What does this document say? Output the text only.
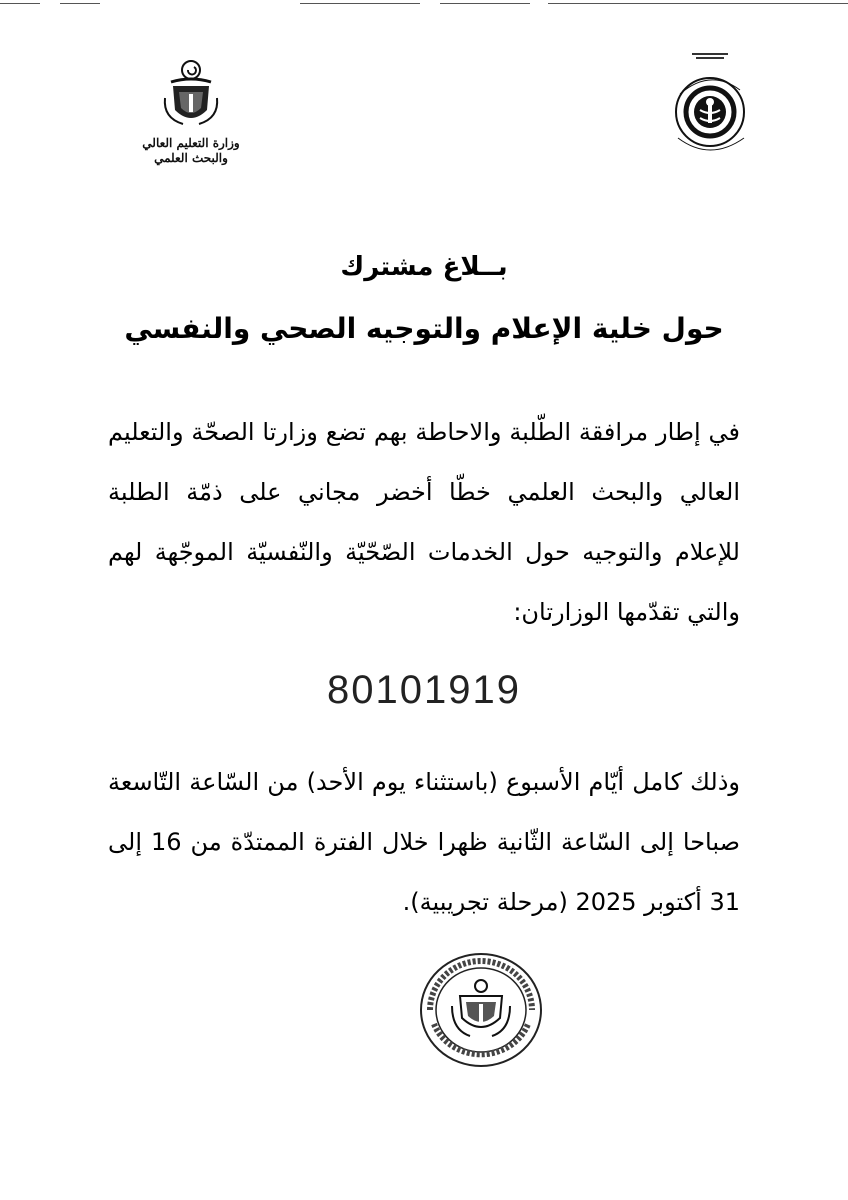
وزارة التعليم العالي
والبحث العلمي
بــلاغ مشترك
حول خلية الإعلام والتوجيه الصحي والنفسي
في إطار مرافقة الطّلبة والاحاطة بهم تضع وزارتا الصحّة والتعليم العالي والبحث العلمي خطّا أخضر مجاني على ذمّة الطلبة للإعلام والتوجيه حول الخدمات الصّحّيّة والنّفسيّة الموجّهة لهم والتي تقدّمها الوزارتان:
80101919
وذلك كامل أيّام الأسبوع (باستثناء يوم الأحد) من السّاعة التّاسعة صباحا إلى السّاعة الثّانية ظهرا خلال الفترة الممتدّة من 16 إلى 31 أكتوبر 2025 (مرحلة تجريبية).
